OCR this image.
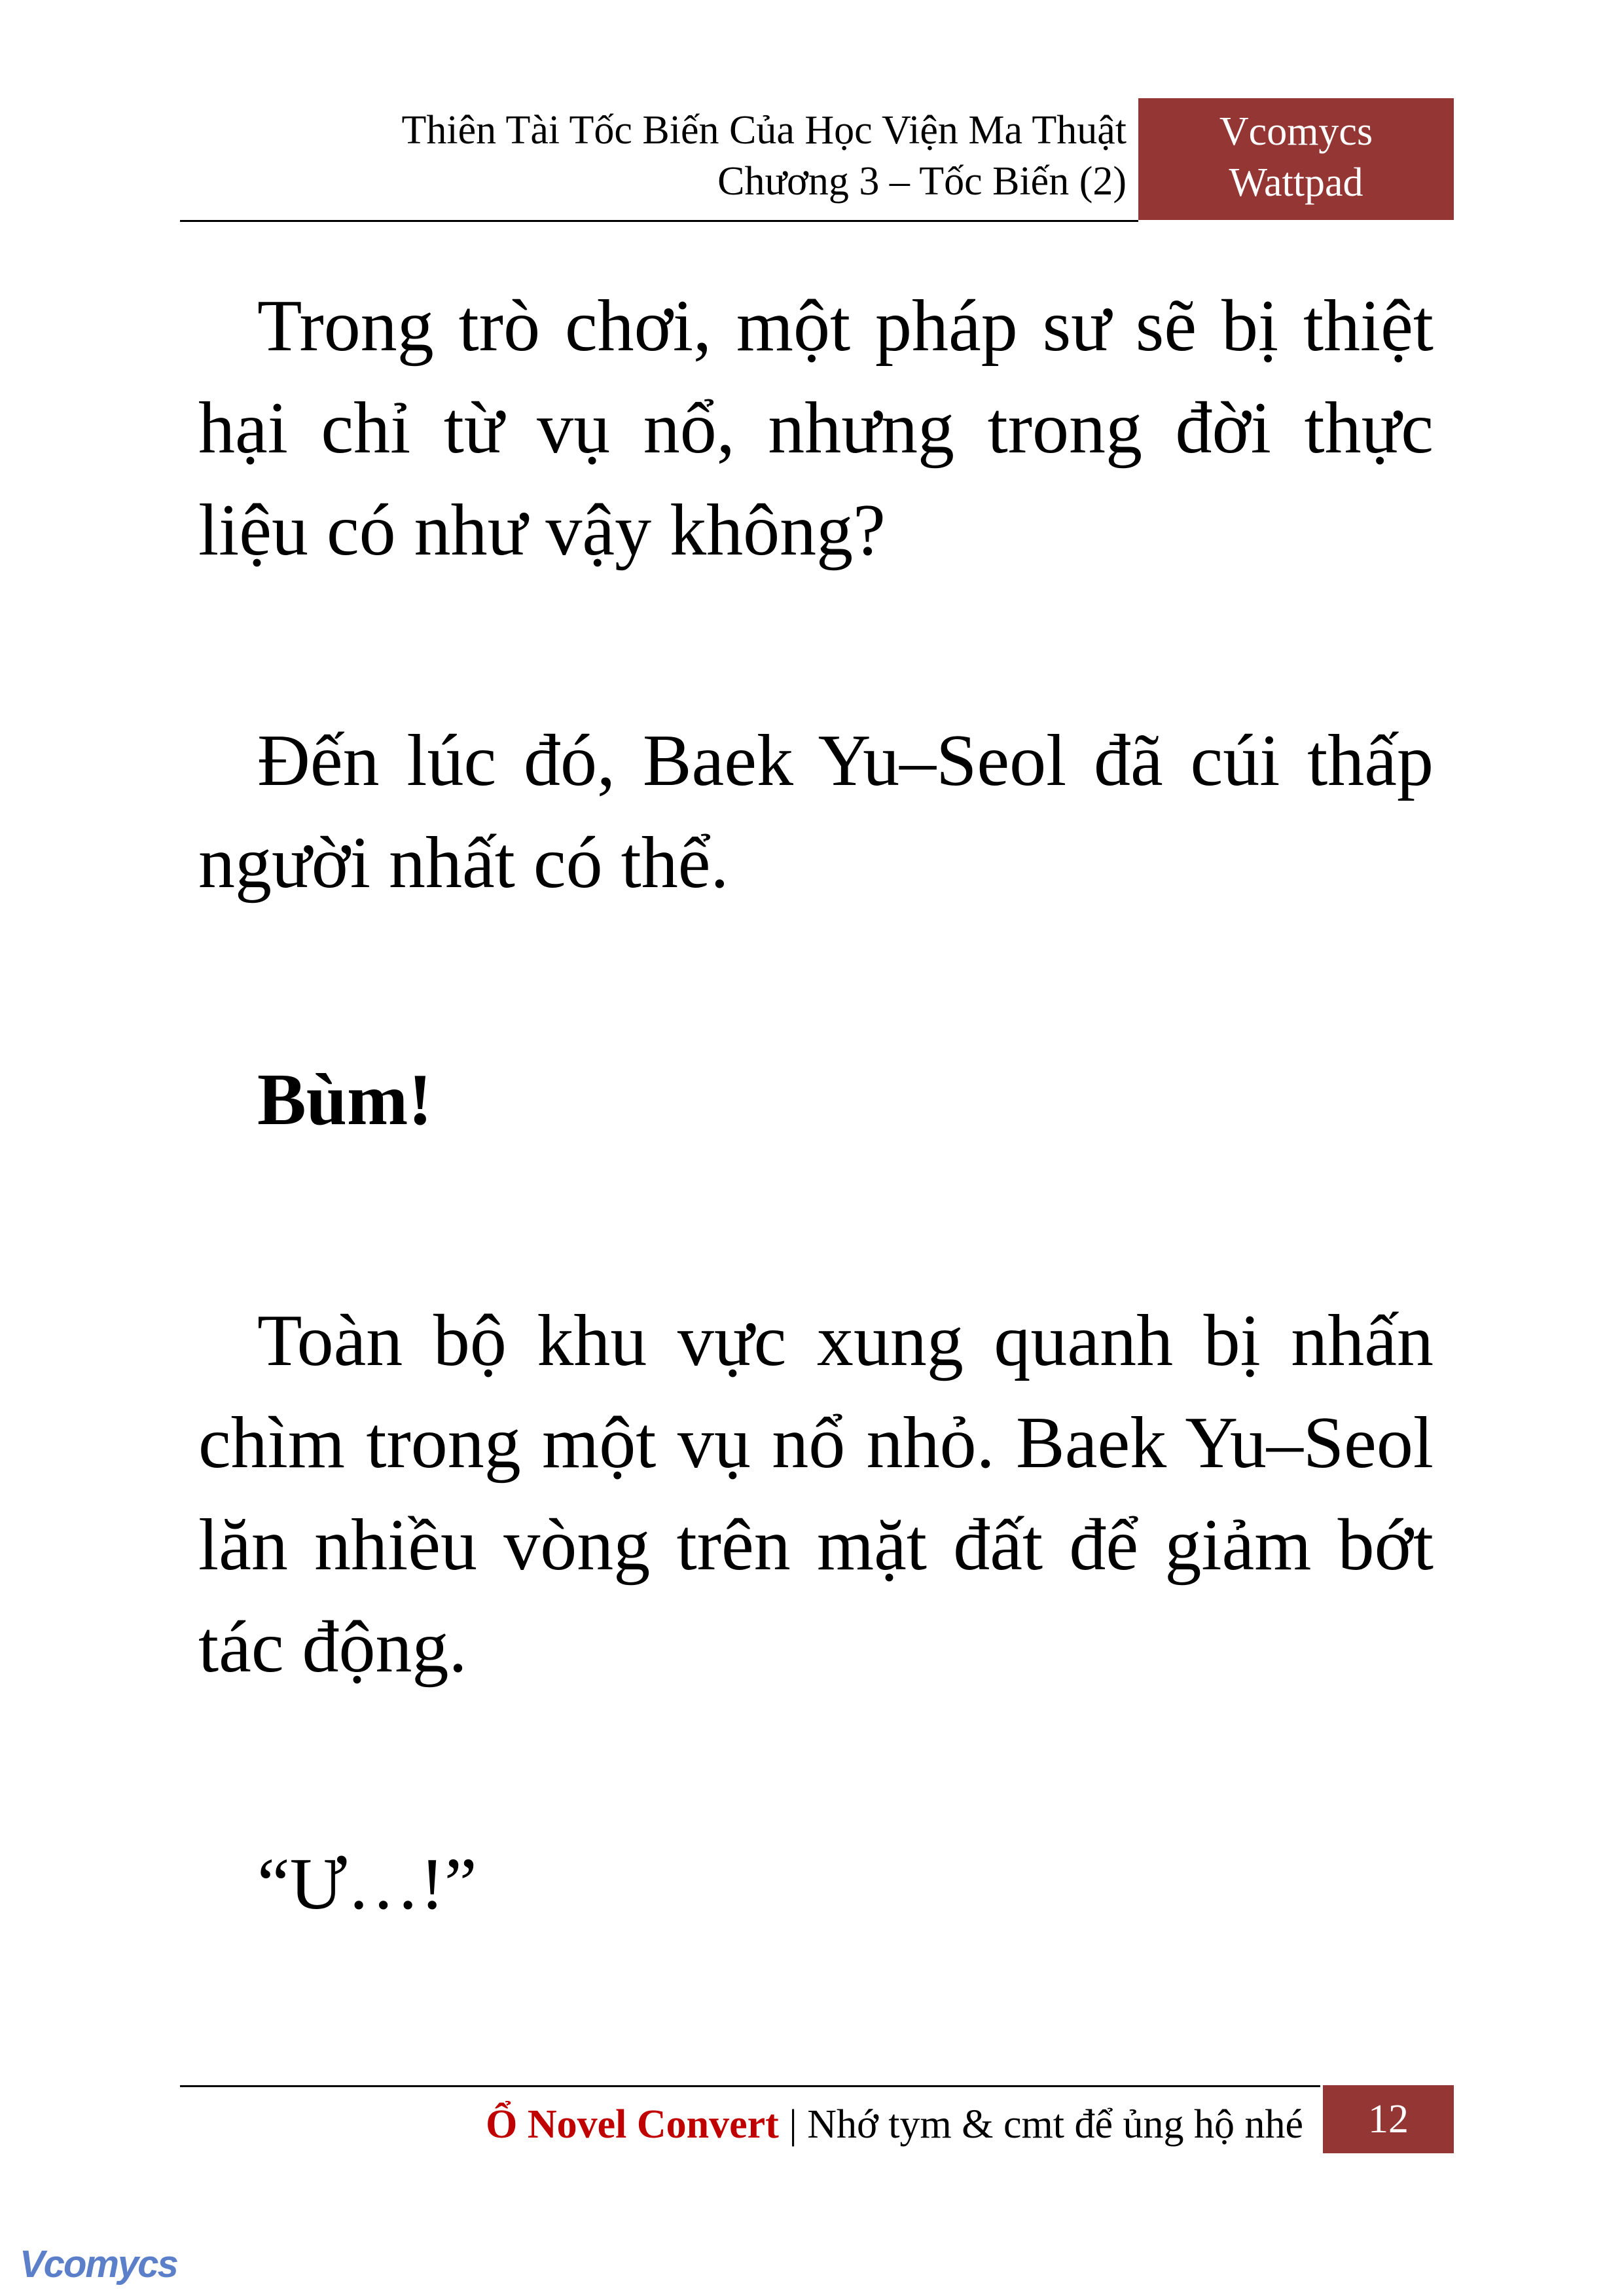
Thiên Tài Tốc Biến Của Học Viện Ma Thuật
Chương 3 – Tốc Biến (2)
Vcomycs
Wattpad

Trong trò chơi, một pháp sư sẽ bị thiệt hại chỉ từ vụ nổ, nhưng trong đời thực liệu có như vậy không?

Đến lúc đó, Baek Yu–Seol đã cúi thấp người nhất có thể.

Bùm!

Toàn bộ khu vực xung quanh bị nhấn chìm trong một vụ nổ nhỏ. Baek Yu–Seol lăn nhiều vòng trên mặt đất để giảm bớt tác động.

“Ư…!”

Ổ Novel Convert | Nhớ tym & cmt để ủng hộ nhé	12
Vcomycs
